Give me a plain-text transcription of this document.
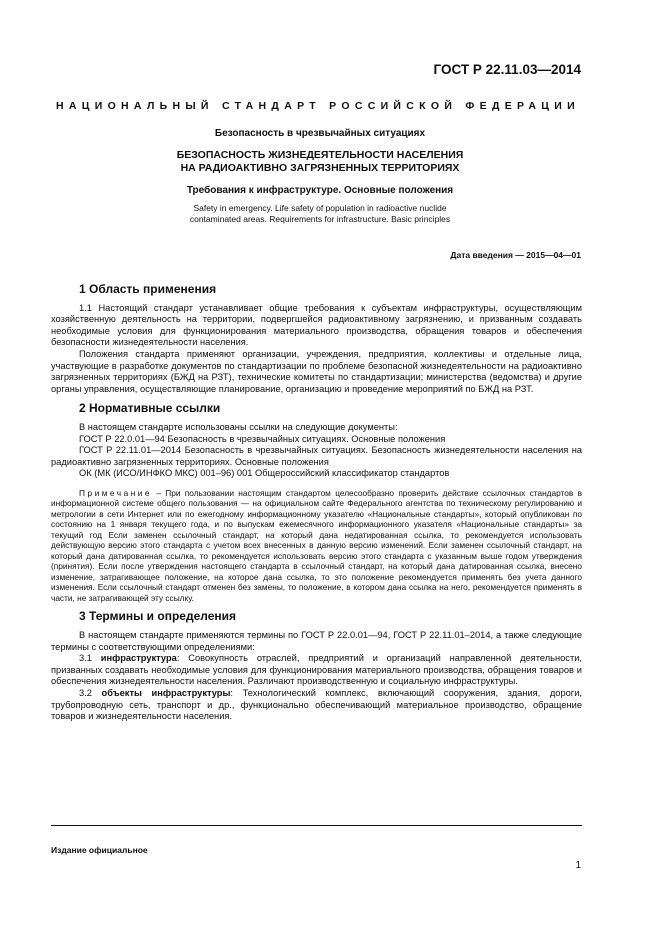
ГОСТ Р 22.11.03—2014
НАЦИОНАЛЬНЫЙ СТАНДАРТ РОССИЙСКОЙ ФЕДЕРАЦИИ

Безопасность в чрезвычайных ситуациях

БЕЗОПАСНОСТЬ ЖИЗНЕДЕЯТЕЛЬНОСТИ НАСЕЛЕНИЯ
НА РАДИОАКТИВНО ЗАГРЯЗНЕННЫХ ТЕРРИТОРИЯХ

Требования к инфраструктуре. Основные положения

Safety in emergency. Life safety of population in radioactive nuclide
contaminated areas. Requirements for infrastructure. Basic principles

Дата введения — 2015—04—01
1 Область применения

1.1 Настоящий стандарт устанавливает общие требования к субъектам инфраструктуры, осуществляющим хозяйственную деятельность на территории, подвергшейся радиоактивному загрязнению, и призванным создавать необходимые условия для функционирования материального производства, обращения товаров и обеспечения безопасности жизнедеятельности населения.

Положения стандарта применяют организации, учреждения, предприятия, коллективы и отдельные лица, участвующие в разработке документов по стандартизации по проблеме безопасной жизнедеятельности на радиоактивно загрязненных территориях (БЖД на РЗТ), технические комитеты по стандартизации; министерства (ведомства) и другие органы управления, осуществляющие планирование, организацию и проведение мероприятий по БЖД на РЗТ.

2 Нормативные ссылки

В настоящем стандарте использованы ссылки на следующие документы:

ГОСТ Р 22.0.01—94 Безопасность в чрезвычайных ситуациях. Основные положения

ГОСТ Р 22.11.01—2014 Безопасность в чрезвычайных ситуациях. Безопасность жизнедеятельности населения на радиоактивно загрязненных территориях. Основные положения

ОК (МК (ИСО/ИНФКО МКС) 001–96) 001 Общероссийский классификатор стандартов

Примечание – При пользовании настоящим стандартом целесообразно проверить действие ссылочных стандартов в информационной системе общего пользования — на официальном сайте Федерального агентства по техническому регулированию и метрологии в сети Интернет или по ежегодному информационному указателю «Национальные стандарты», который опубликован по состоянию на 1 января текущего года, и по выпускам ежемесячного информационного указателя «Национальные стандарты» за текущий год Если заменен ссылочный стандарт, на который дана недатированная ссылка, то рекомендуется использовать действующую версию этого стандарта с учетом всех внесенных в данную версию изменений. Если заменен ссылочный стандарт, на который дана датированная ссылка, то рекомендуется использовать версию этого стандарта с указанным выше годом утверждения (принятия). Если после утверждения настоящего стандарта в ссылочный стандарт, на который дана датированная ссылка, внесено изменение, затрагивающее положение, на которое дана ссылка, то это положение рекомендуется применять без учета данного изменения. Если ссылочный стандарт отменен без замены, то положение, в котором дана ссылка на него, рекомендуется применять в части, не затрагивающей эту ссылку.

3 Термины и определения

В настоящем стандарте применяются термины по ГОСТ Р 22.0.01—94, ГОСТ Р 22.11.01–2014, а также следующие термины с соответствующими определениями:

3.1 инфраструктура: Совокупность отраслей, предприятий и организаций направленной деятельности, призванных создавать необходимые условия для функционирования материального производства, обращения товаров и обеспечения жизнедеятельности населения. Различают производственную и социальную инфраструктуры.

3.2 объекты инфраструктуры: Технологический комплекс, включающий сооружения, здания, дороги, трубопроводную сеть, транспорт и др., функционально обеспечивающий материальное производство, обращение товаров и жизнедеятельности населения.

Издание официальное
1
